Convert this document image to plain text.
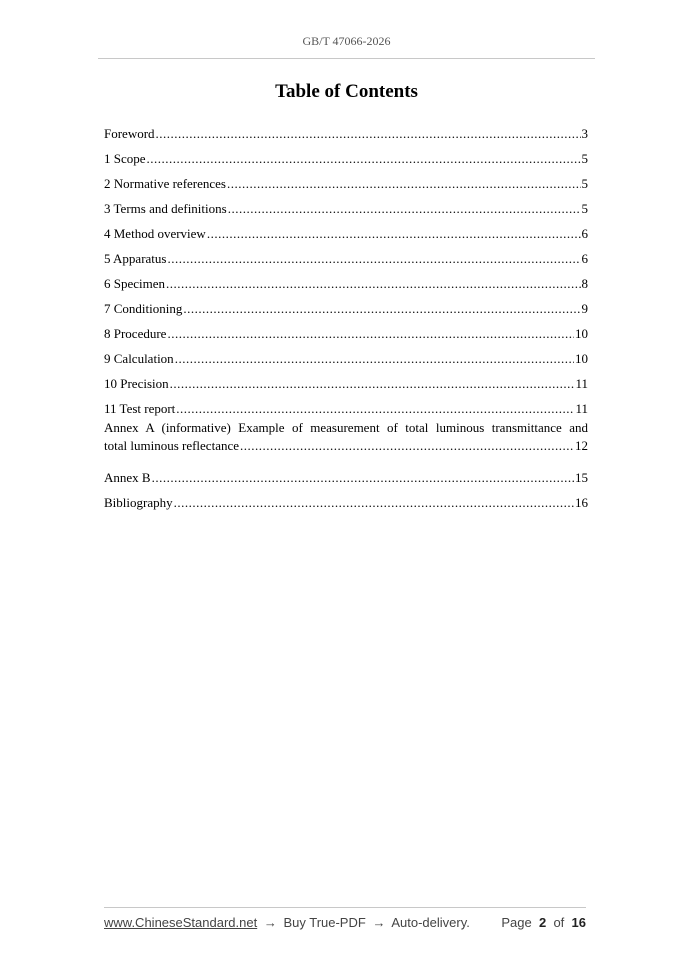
GB/T 47066-2026
Table of Contents
Foreword .....	3
1 Scope .....	5
2 Normative references .....	5
3 Terms and definitions .....	5
4 Method overview .....	6
5 Apparatus .....	6
6 Specimen .....	8
7 Conditioning .....	9
8 Procedure .....	10
9 Calculation .....	10
10 Precision .....	11
11 Test report .....	11
Annex A (informative) Example of measurement of total luminous transmittance and
total luminous reflectance .....	12
Annex B .....	15
Bibliography .....	16
www.ChineseStandard.net → Buy True-PDF → Auto-delivery. Page 2 of 16
